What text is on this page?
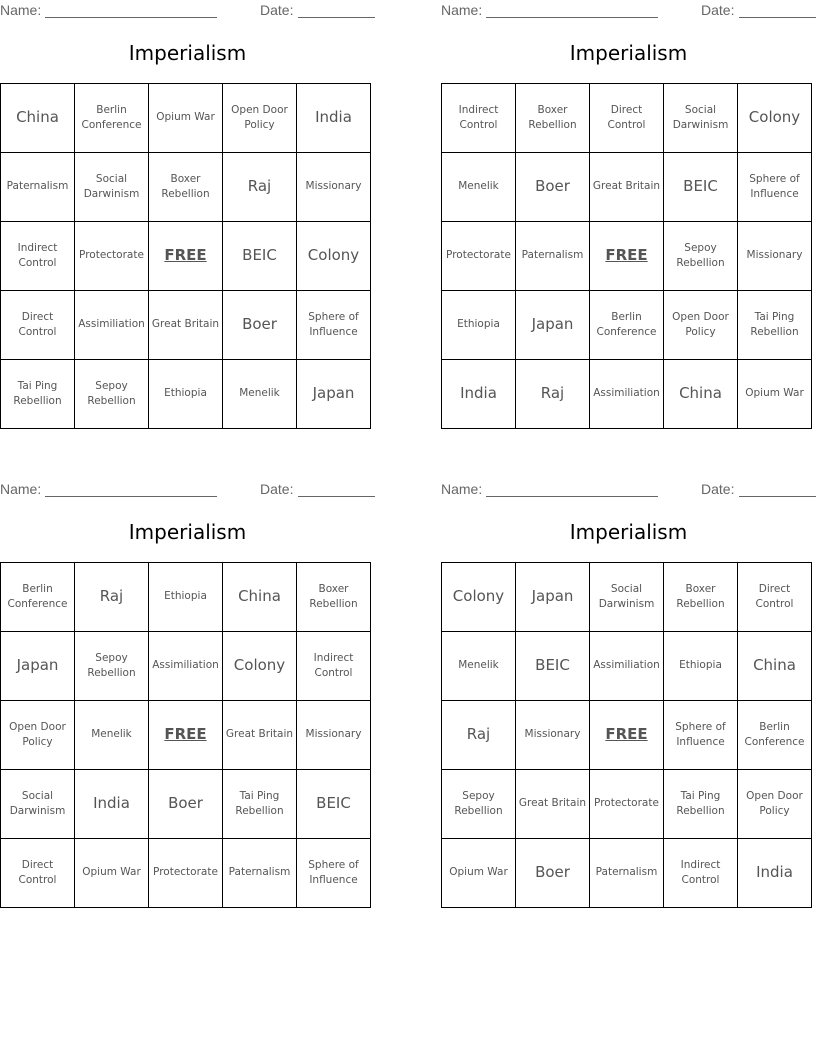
Name:	Date:
Imperialism
China	Berlin Conference	Opium War	Open Door Policy	India
Paternalism	Social Darwinism	Boxer Rebellion	Raj	Missionary
Indirect Control	Protectorate	FREE	BEIC	Colony
Direct Control	Assimiliation	Great Britain	Boer	Sphere of Influence
Tai Ping Rebellion	Sepoy Rebellion	Ethiopia	Menelik	Japan
Name:	Date:
Imperialism
Indirect Control	Boxer Rebellion	Direct Control	Social Darwinism	Colony
Menelik	Boer	Great Britain	BEIC	Sphere of Influence
Protectorate	Paternalism	FREE	Sepoy Rebellion	Missionary
Ethiopia	Japan	Berlin Conference	Open Door Policy	Tai Ping Rebellion
India	Raj	Assimiliation	China	Opium War
Name:	Date:
Imperialism
Berlin Conference	Raj	Ethiopia	China	Boxer Rebellion
Japan	Sepoy Rebellion	Assimiliation	Colony	Indirect Control
Open Door Policy	Menelik	FREE	Great Britain	Missionary
Social Darwinism	India	Boer	Tai Ping Rebellion	BEIC
Direct Control	Opium War	Protectorate	Paternalism	Sphere of Influence
Name:	Date:
Imperialism
Colony	Japan	Social Darwinism	Boxer Rebellion	Direct Control
Menelik	BEIC	Assimiliation	Ethiopia	China
Raj	Missionary	FREE	Sphere of Influence	Berlin Conference
Sepoy Rebellion	Great Britain	Protectorate	Tai Ping Rebellion	Open Door Policy
Opium War	Boer	Paternalism	Indirect Control	India
